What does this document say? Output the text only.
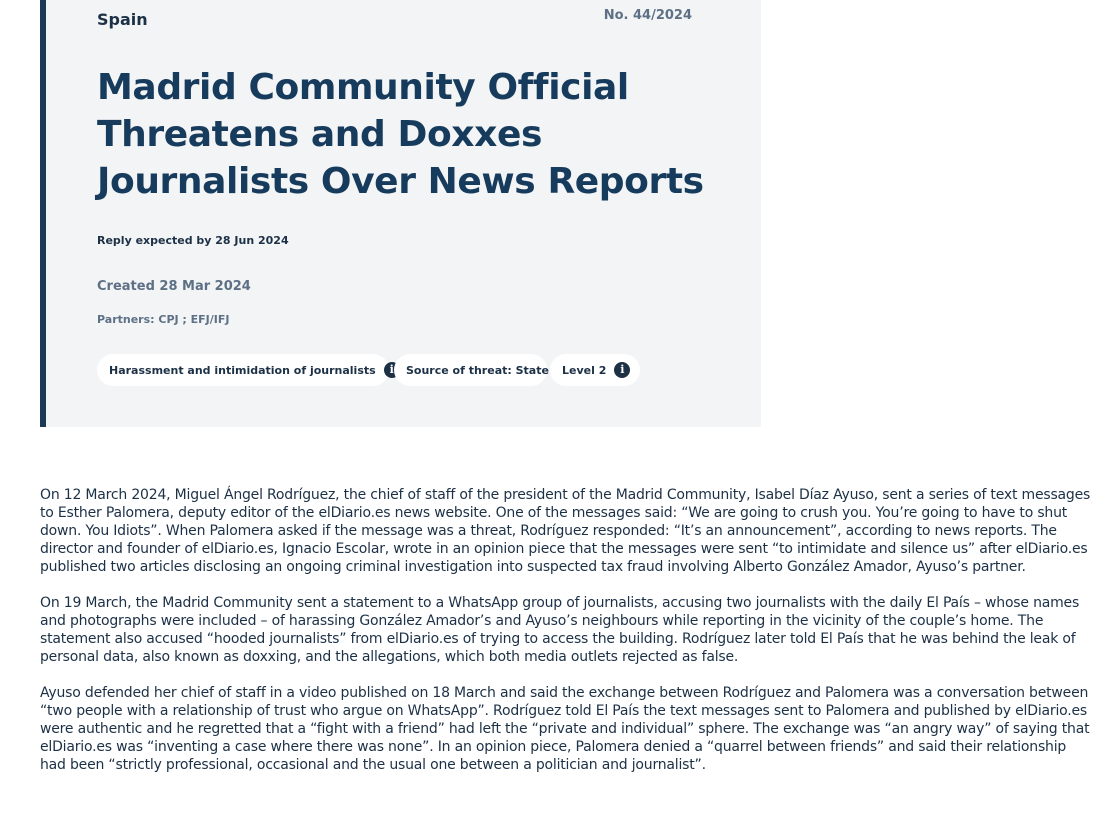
Spain	No. 44/2024
Madrid Community Official Threatens and Doxxes Journalists Over News Reports
Reply expected by 28 Jun 2024
Created 28 Mar 2024
Partners: CPJ ; EFJ/IFJ
Harassment and intimidation of journalists	i	Source of threat: State Level 2	i

On 12 March 2024, Miguel Ángel Rodríguez, the chief of staff of the president of the Madrid Community, Isabel Díaz Ayuso, sent a series of text messages to Esther Palomera, deputy editor of the elDiario.es news website. One of the messages said: “We are going to crush you. You’re going to have to shut down. You Idiots”. When Palomera asked if the message was a threat, Rodríguez responded: “It’s an announcement”, according to news reports. The director and founder of elDiario.es, Ignacio Escolar, wrote in an opinion piece that the messages were sent “to intimidate and silence us” after elDiario.es published two articles disclosing an ongoing criminal investigation into suspected tax fraud involving Alberto González Amador, Ayuso’s partner.

On 19 March, the Madrid Community sent a statement to a WhatsApp group of journalists, accusing two journalists with the daily El País – whose names and photographs were included – of harassing González Amador’s and Ayuso’s neighbours while reporting in the vicinity of the couple’s home. The statement also accused “hooded journalists” from elDiario.es of trying to access the building. Rodríguez later told El País that he was behind the leak of personal data, also known as doxxing, and the allegations, which both media outlets rejected as false.

Ayuso defended her chief of staff in a video published on 18 March and said the exchange between Rodríguez and Palomera was a conversation between “two people with a relationship of trust who argue on WhatsApp”. Rodríguez told El País the text messages sent to Palomera and published by elDiario.es were authentic and he regretted that a “fight with a friend” had left the “private and individual” sphere. The exchange was “an angry way” of saying that elDiario.es was “inventing a case where there was none”. In an opinion piece, Palomera denied a “quarrel between friends” and said their relationship had been “strictly professional, occasional and the usual one between a politician and journalist”.
